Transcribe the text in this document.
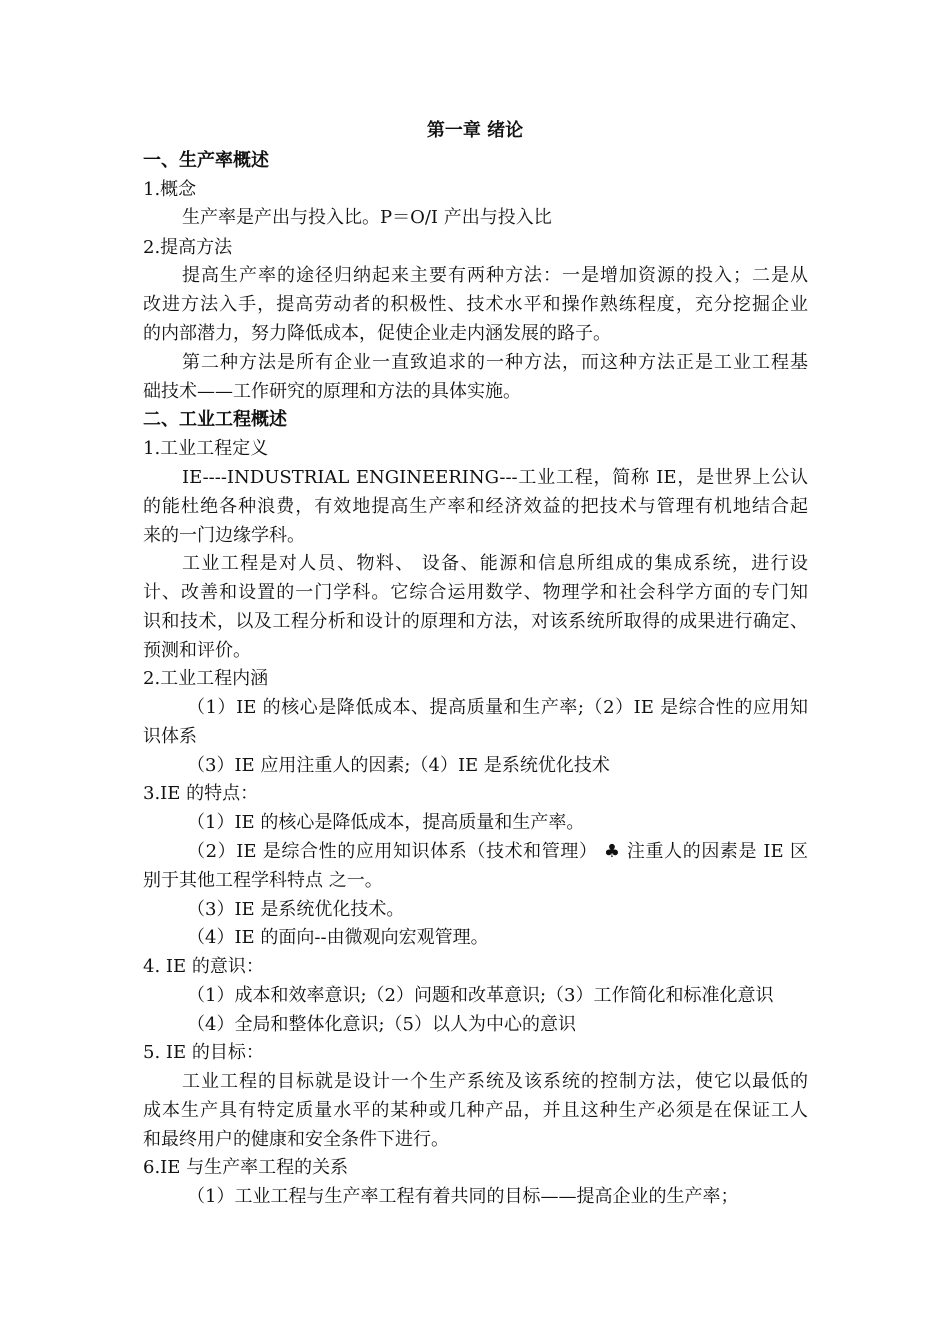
第一章 绪论
一、生产率概述
1.概念
生产率是产出与投入比。P＝O/I 产出与投入比
2.提高方法
提高生产率的途径归纳起来主要有两种方法：一是增加资源的投入；二是从
改进方法入手，提高劳动者的积极性、技术水平和操作熟练程度，充分挖掘企业
的内部潜力，努力降低成本，促使企业走内涵发展的路子。
第二种方法是所有企业一直致追求的一种方法，而这种方法正是工业工程基
础技术——工作研究的原理和方法的具体实施。
二、工业工程概述
1.工业工程定义
IE----INDUSTRIAL ENGINEERING---工业工程，简称 IE，是世界上公认
的能杜绝各种浪费，有效地提高生产率和经济效益的把技术与管理有机地结合起
来的一门边缘学科。
工业工程是对人员、物料、 设备、能源和信息所组成的集成系统，进行设
计、改善和设置的一门学科。它综合运用数学、物理学和社会科学方面的专门知
识和技术，以及工程分析和设计的原理和方法，对该系统所取得的成果进行确定、
预测和评价。
2.工业工程内涵
（1）IE 的核心是降低成本、提高质量和生产率;（2）IE 是综合性的应用知
识体系
（3）IE 应用注重人的因素;（4）IE 是系统优化技术
3.IE 的特点：
（1）IE 的核心是降低成本，提高质量和生产率。
（2）IE 是综合性的应用知识体系（技术和管理） ♣ 注重人的因素是 IE 区
别于其他工程学科特点 之一。
（3）IE 是系统优化技术。
（4）IE 的面向--由微观向宏观管理。
4. IE 的意识：
（1）成本和效率意识;（2）问题和改革意识;（3）工作简化和标准化意识
（4）全局和整体化意识;（5）以人为中心的意识
5. IE 的目标：
工业工程的目标就是设计一个生产系统及该系统的控制方法，使它以最低的
成本生产具有特定质量水平的某种或几种产品，并且这种生产必须是在保证工人
和最终用户的健康和安全条件下进行。
6.IE 与生产率工程的关系
（1）工业工程与生产率工程有着共同的目标——提高企业的生产率；
